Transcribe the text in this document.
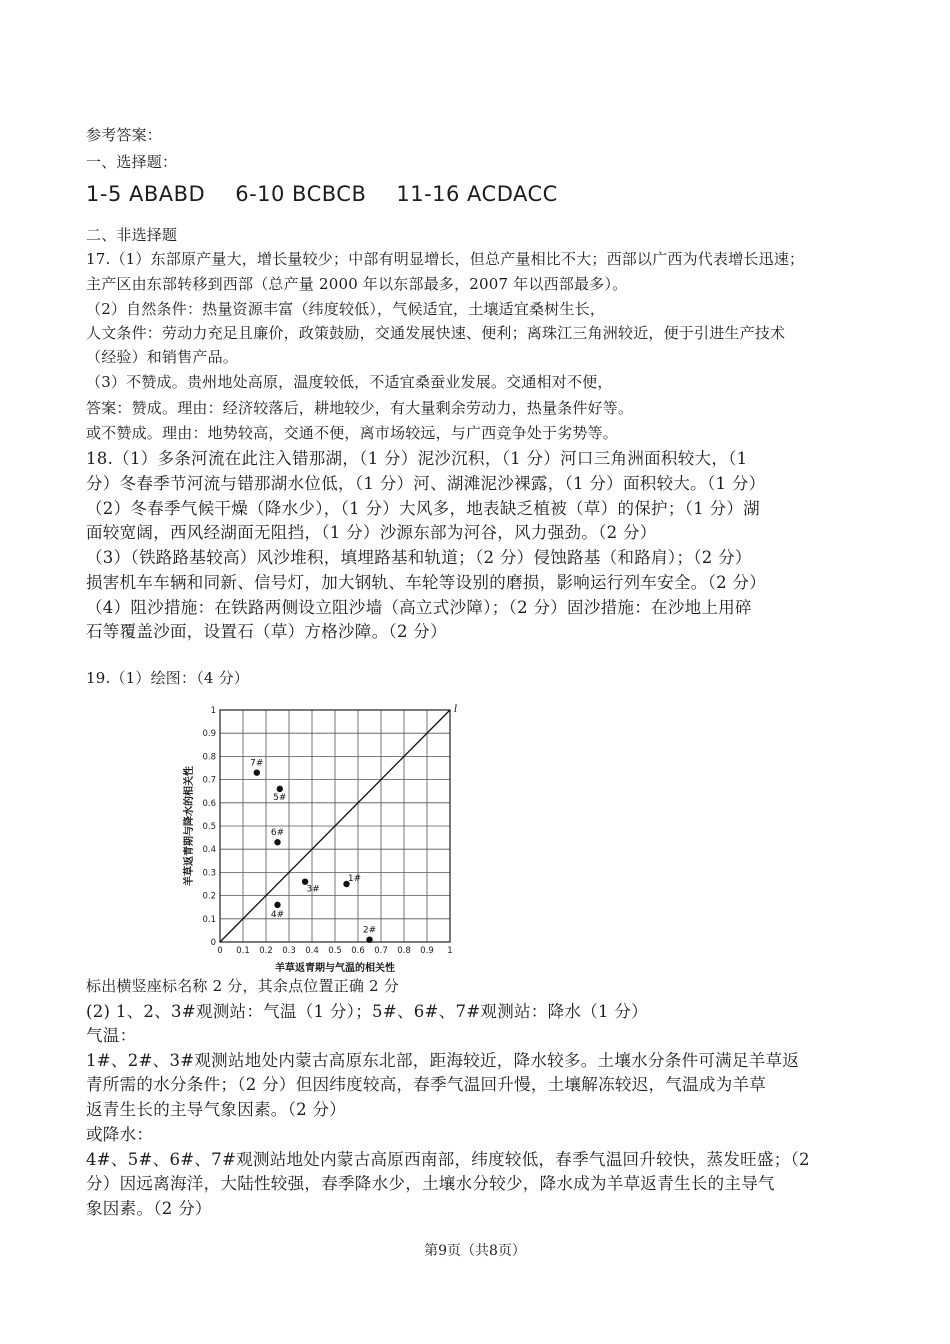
参考答案：
一、选择题：
1-5 ABABD 6-10 BCBCB 11-16 ACDACC
二、非选择题
17.（1）东部原产量大，增长量较少；中部有明显增长，但总产量相比不大；西部以广西为代表增长迅速；
主产区由东部转移到西部（总产量 2000 年以东部最多，2007 年以西部最多）。
（2）自然条件：热量资源丰富（纬度较低），气候适宜，土壤适宜桑树生长，
人文条件：劳动力充足且廉价，政策鼓励，交通发展快速、便利；离珠江三角洲较近，便于引进生产技术
（经验）和销售产品。
（3）不赞成。贵州地处高原，温度较低，不适宜桑蚕业发展。交通相对不便，
答案：赞成。理由：经济较落后，耕地较少，有大量剩余劳动力，热量条件好等。
或不赞成。理由：地势较高，交通不便，离市场较远，与广西竞争处于劣势等。
18.（1）多条河流在此注入错那湖，（1 分）泥沙沉积，（1 分）河口三角洲面积较大，（1
分）冬春季节河流与错那湖水位低，（1 分）河、湖滩泥沙裸露，（1 分）面积较大。（1 分）
（2）冬春季气候干燥（降水少），（1 分）大风多，地表缺乏植被（草）的保护；（1 分）湖
面较宽阔，西风经湖面无阻挡，（1 分）沙源东部为河谷，风力强劲。（2 分）
（3）（铁路路基较高）风沙堆积，填埋路基和轨道；（2 分）侵蚀路基（和路肩）；（2 分）
损害机车车辆和同新、信号灯，加大钢轨、车轮等设别的磨损，影响运行列车安全。（2 分）
（4）阻沙措施：在铁路两侧设立阻沙墙（高立式沙障）；（2 分）固沙措施：在沙地上用碎
石等覆盖沙面，设置石（草）方格沙障。（2 分）
19.（1）绘图：（4 分）
0 0.1 0.2 0.3 0.4 0.5 0.6 0.7 0.8 0.9 1
0
0.1
0.2
0.3
0.4
0.5
0.6
0.7
0.8
0.9
1	l
7#
5#
6#
3#
1#
4#
2#
羊草返青期与气温的相关性
羊草返青期与降水的相关性
标出横竖座标名称 2 分，其余点位置正确 2 分
(2) 1、2、3#观测站：气温（1 分）；5#、6#、7#观测站：降水（1 分）
气温：
1#、2#、3#观测站地处内蒙古高原东北部，距海较近，降水较多。土壤水分条件可满足羊草返
青所需的水分条件；（2 分）但因纬度较高，春季气温回升慢，土壤解冻较迟，气温成为羊草
返青生长的主导气象因素。（2 分）
或降水：
4#、5#、6#、7#观测站地处内蒙古高原西南部，纬度较低，春季气温回升较快，蒸发旺盛；（2
分）因远离海洋，大陆性较强，春季降水少，土壤水分较少，降水成为羊草返青生长的主导气
象因素。（2 分）
第9页（共8页）
